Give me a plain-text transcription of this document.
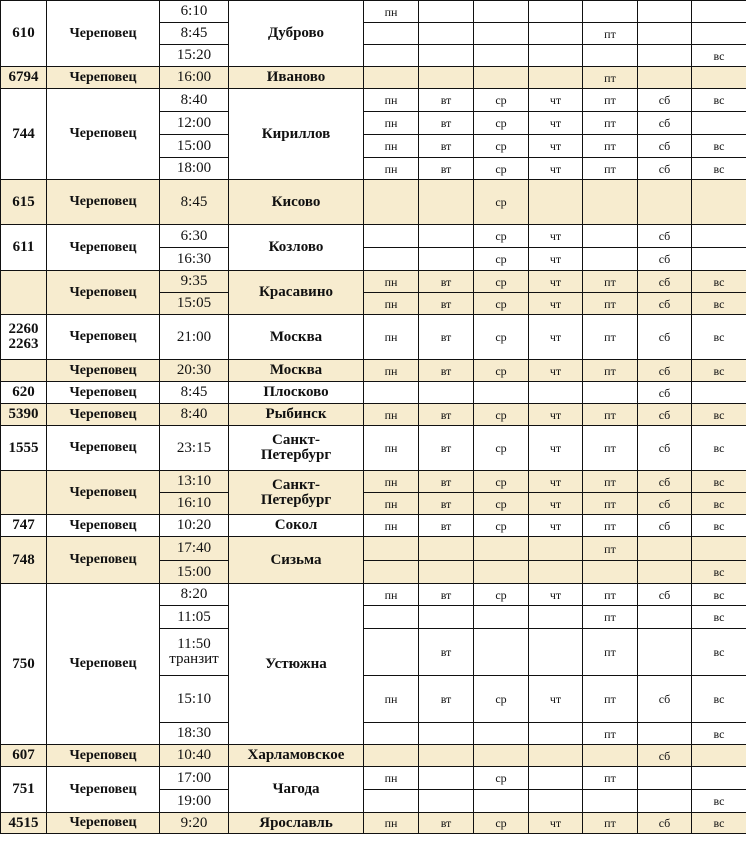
610	Череповец	6:10	Дуброво	пн						
		8:45						пт		
		15:20								вс
6794	Череповец	16:00	Иваново					пт		
744	Череповец	8:40	Кириллов	пн	вт	ср	чт	пт	сб	вс
		12:00		пн	вт	ср	чт	пт	сб	
		15:00		пн	вт	ср	чт	пт	сб	вс
		18:00		пн	вт	ср	чт	пт	сб	вс
615	Череповец	8:45	Кисово			ср				
611	Череповец	6:30	Козлово			ср	чт		сб	
		16:30				ср	чт		сб	
	Череповец	9:35	Красавино	пн	вт	ср	чт	пт	сб	вс
		15:05		пн	вт	ср	чт	пт	сб	вс
2260
2263	Череповец	21:00	Москва	пн	вт	ср	чт	пт	сб	вс
	Череповец	20:30	Москва	пн	вт	ср	чт	пт	сб	вс
620	Череповец	8:45	Плосково						сб	
5390	Череповец	8:40	Рыбинск	пн	вт	ср	чт	пт	сб	вс
1555	Череповец	23:15	Санкт-
Петербург	пн	вт	ср	чт	пт	сб	вс
	Череповец	13:10	Санкт-
Петербург	пн	вт	ср	чт	пт	сб	вс
		16:10		пн	вт	ср	чт	пт	сб	вс
747	Череповец	10:20	Сокол	пн	вт	ср	чт	пт	сб	вс
748	Череповец	17:40	Сизьма					пт		
		15:00								вс
750	Череповец	8:20	Устюжна	пн	вт	ср	чт	пт	сб	вс
		11:05						пт		вс
		11:50
транзит			вт			пт		вс
		15:10		пн	вт	ср	чт	пт	сб	вс
		18:30						пт		вс
607	Череповец	10:40	Харламовское						сб	
751	Череповец	17:00	Чагода	пн		ср		пт		
		19:00								вс
4515	Череповец	9:20	Ярославль	пн	вт	ср	чт	пт	сб	вс
